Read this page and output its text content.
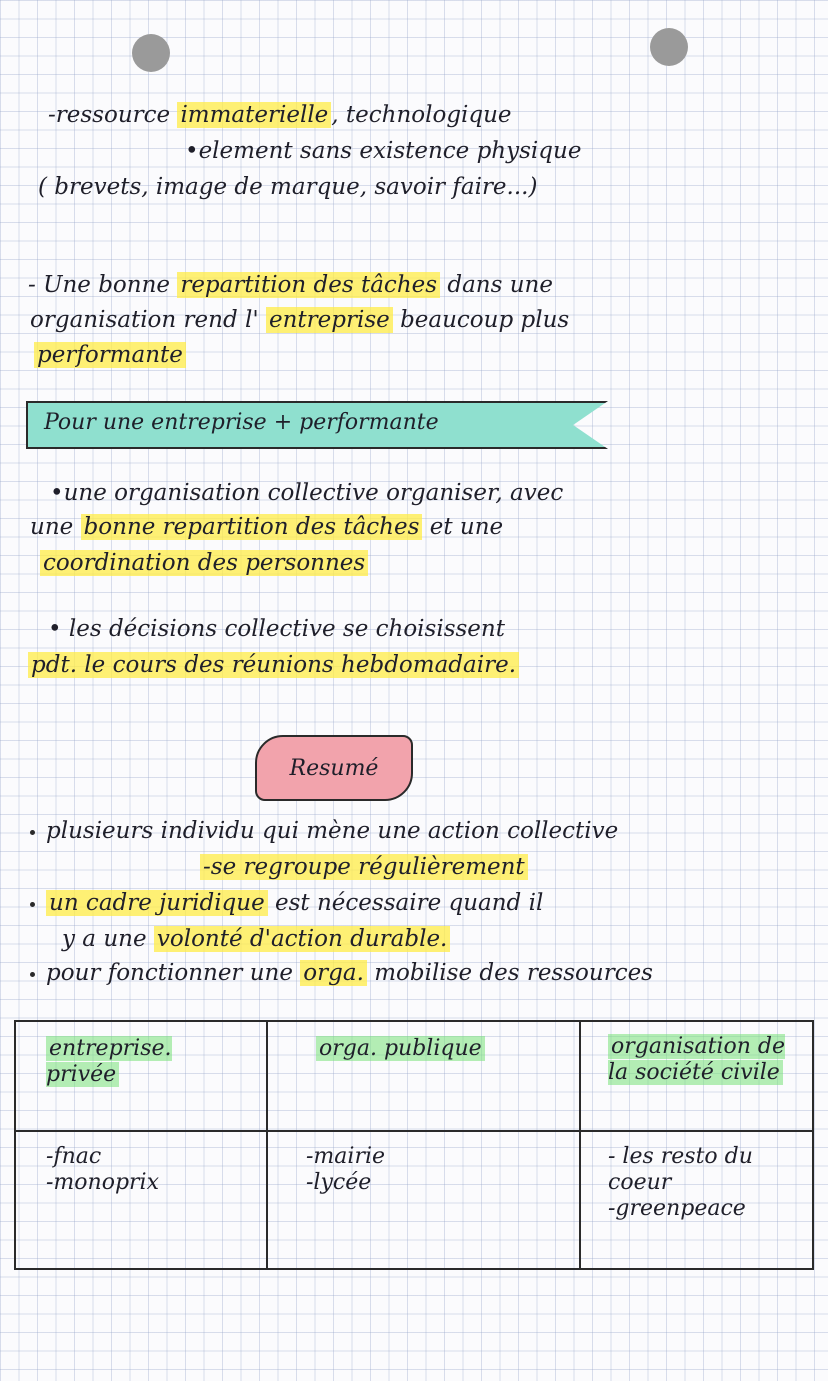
-ressource immaterielle , technologique
•element sans existence physique
( brevets, image de marque, savoir faire...)
- Une bonne repartition des tâches dans une
organisation rend l' entreprise beaucoup plus
performante
Pour une entreprise + performante
•une organisation collective organiser, avec
une bonne repartition des tâches et une
coordination des personnes
• les décisions collective se choisissent
pdt. le cours des réunions hebdomadaire.
Resumé
plusieurs individu qui mène une action collective
-se regroupe régulièrement
un cadre juridique est nécessaire quand il
y a une volonté d'action durable.
pour fonctionner une orga. mobilise des ressources
entreprise. privée
orga. publique	organisation de la société civile
-fnac
-monoprix
-mairie
-lycée
- les resto du coeur
-greenpeace
